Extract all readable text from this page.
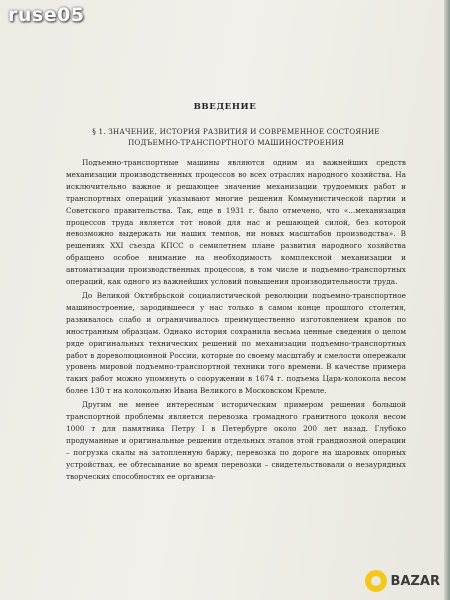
ruse05
ВВЕДЕНИЕ
§ 1. ЗНАЧЕНИЕ, ИСТОРИЯ РАЗВИТИЯ И СОВРЕМЕННОЕ СОСТОЯНИЕ ПОДЪЕМНО-ТРАНСПОРТНОГО МАШИНОСТРОЕНИЯ

Подъемно-транспортные машины являются одним из важнейших средств механизации производственных процессов во всех отраслях народного хозяйства. На исключительно важное и решающее значение механизации трудоемких работ и транспортных операций указывают многие решения Коммунистической партии и Советского правительства. Так, еще в 1931 г. было отмечено, что «...механизация процессов труда является тот новой для нас и решающей силой, без которой невозможно выдержать ни наших темпов, ни новых масштабов производства». В решениях XXI съезда КПСС о семилетнем плане развития народного хозяйства обращено особое внимание на необходимость комплексной механизации и автоматизации производственных процессов, в том числе и подъемно-транспортных операций, как одного из важнейших условий повышения производительности труда.

До Великой Октябрьской социалистической революции подъемно-транспортное машиностроение, зародившееся у нас только в самом конце прошлого столетия, развивалось слабо и ограничивалось преимущественно изготовлением кранов по иностранным образцам. Однако история сохранила весьма ценные сведения о целом ряде оригинальных технических решений по механизации подъемно-транспортных работ в дореволюционной России, которые по своему масштабу и смелости опережали уровень мировой подъемно-транспортной техники того времени. В качестве примера таких работ можно упомянуть о сооружении в 1674 г. подъема Царь-колокола весом более 130 т на колокольню Ивана Великого в Московском Кремле.

Другим не менее интересным историческим примером решения большой транспортной проблемы является перевозка громадного гранитного цоколя весом 1000 т для памятника Петру I в Петербурге около 200 лет назад. Глубоко продуманные и оригинальные решения отдельных этапов этой грандиозной операции – погрузка скалы на затопленную баржу, перевозка по дороге на шаровых опорных устройствах, ее обтесывание во время перевозки – свидетельствовали о незаурядных творческих способностях ее организа-

BAZAR
